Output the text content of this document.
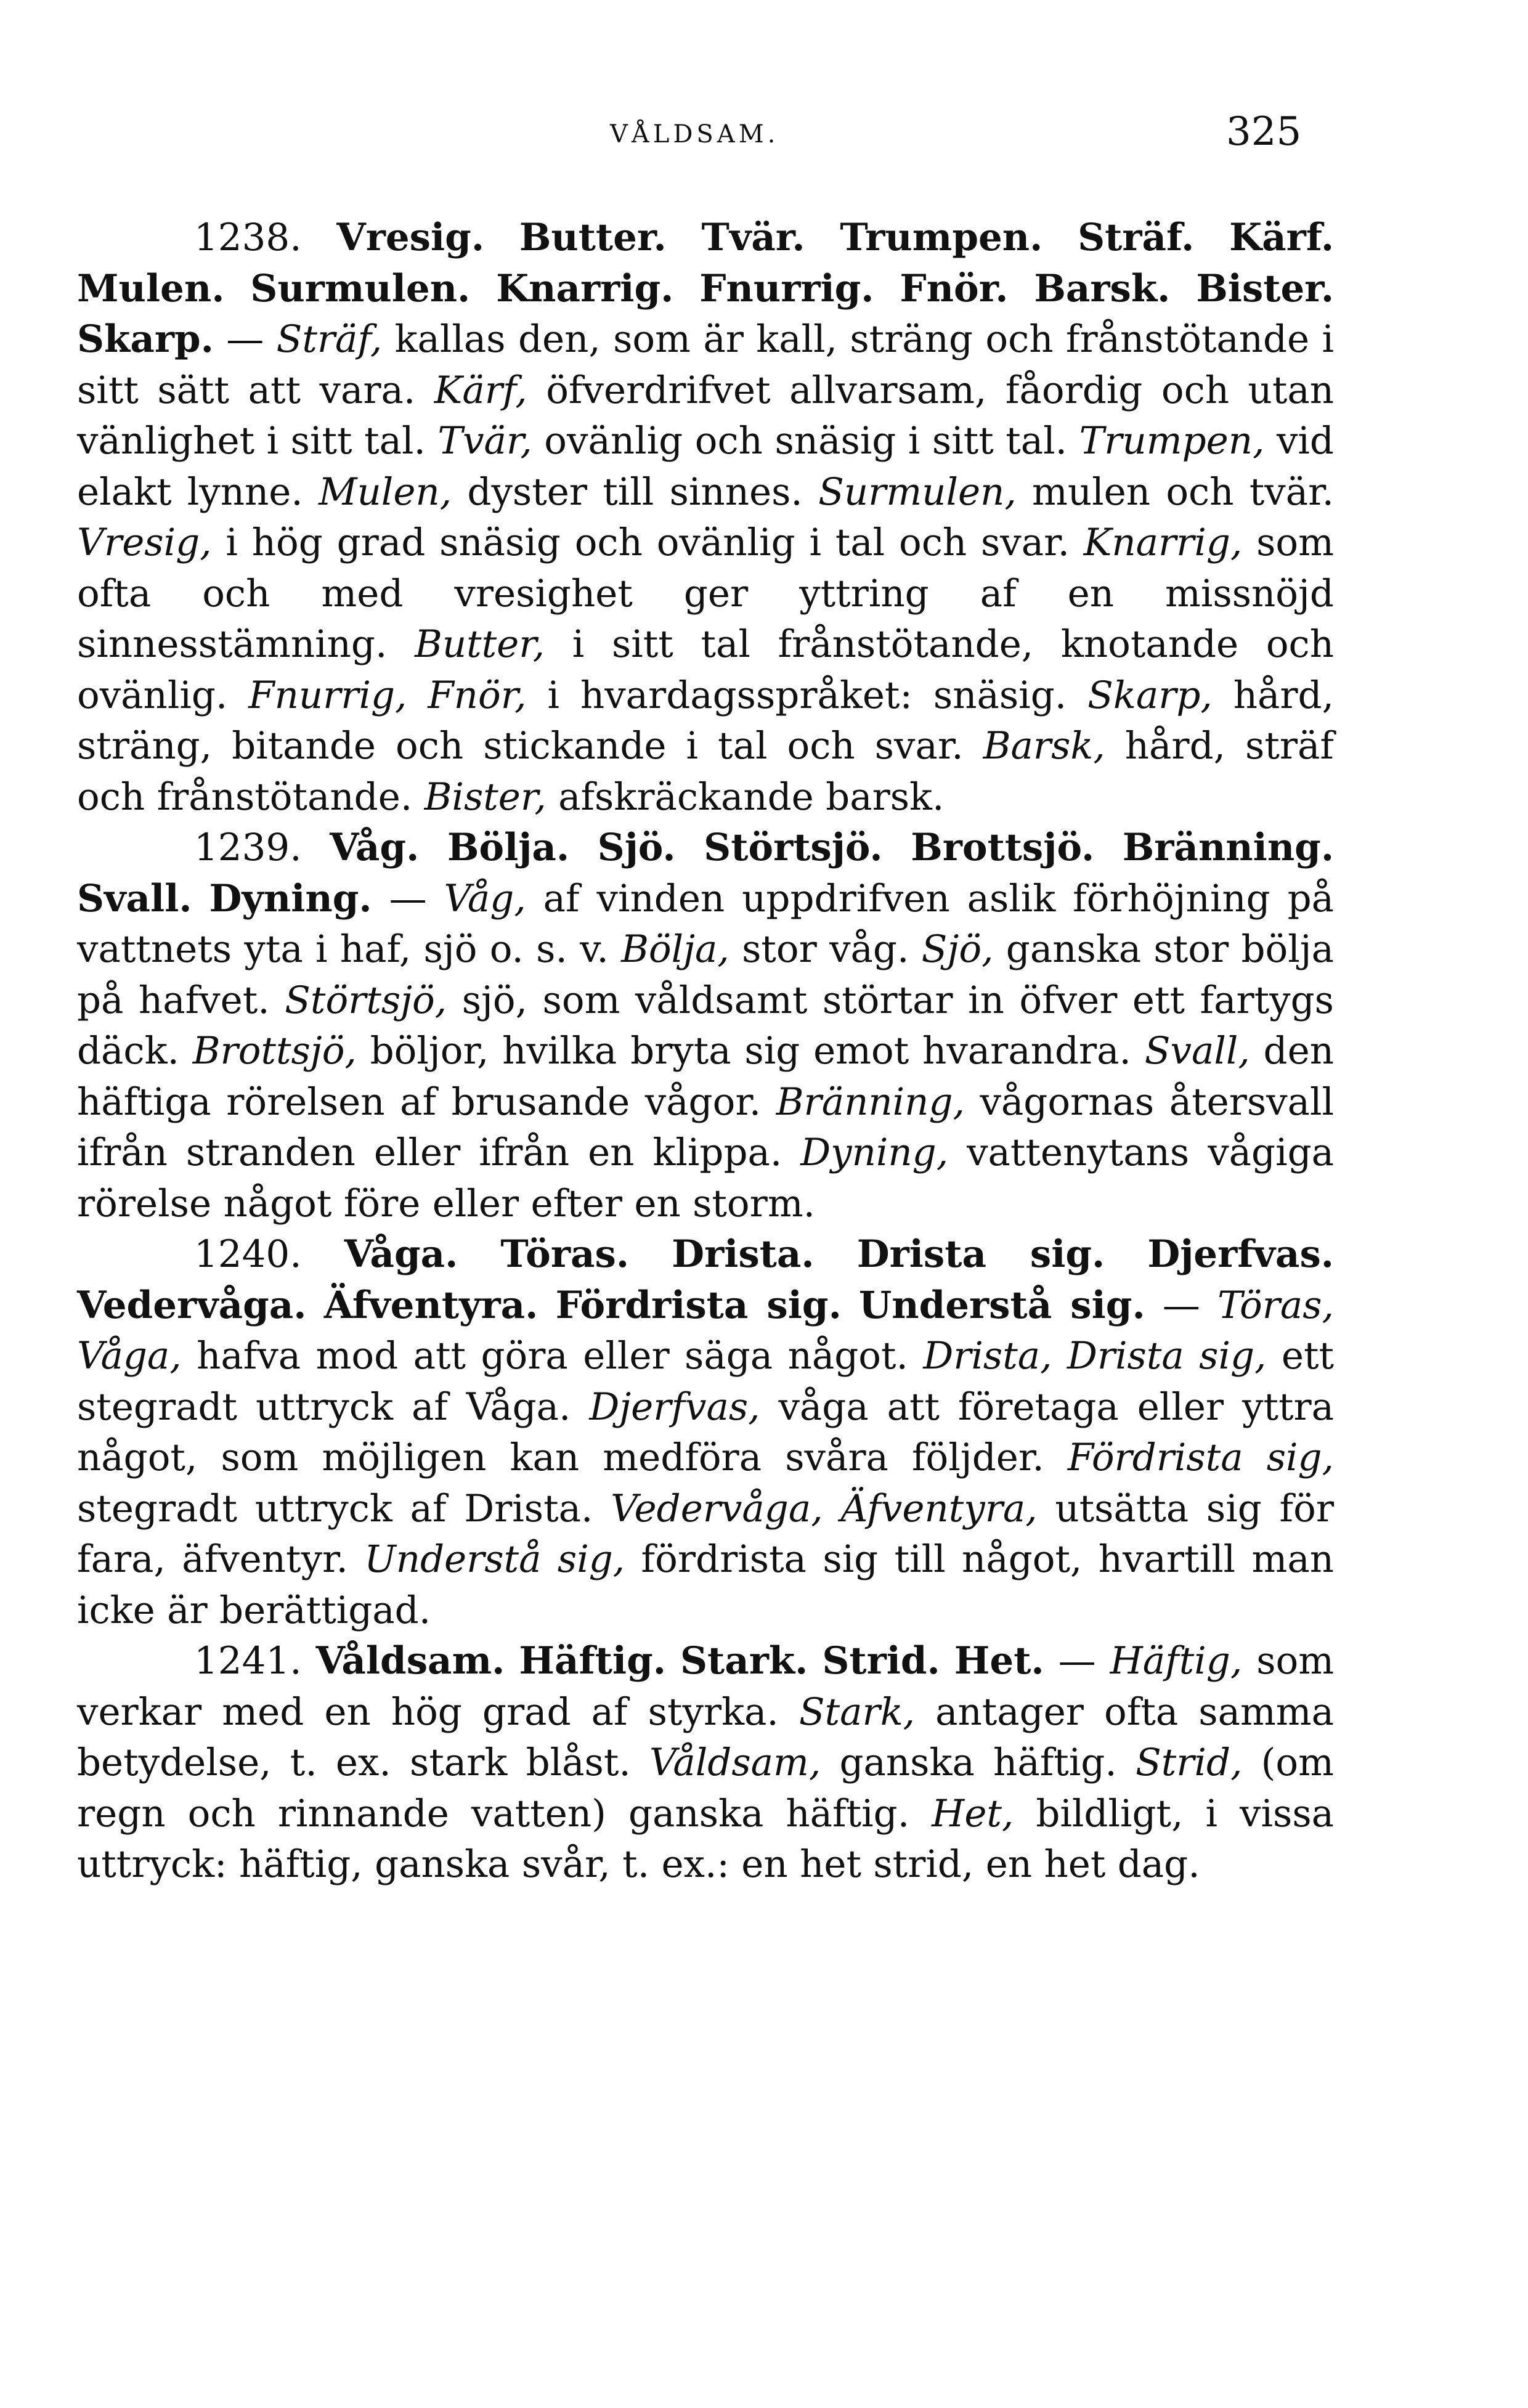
VÅLDSAM.	325

1238. Vresig. Butter. Tvär. Trumpen. Sträf. Kärf. Mulen. Surmulen. Knarrig. Fnurrig. Fnör. Barsk. Bister. Skarp. — Sträf, kallas den, som är kall, sträng och frånstötande i sitt sätt att vara. Kärf, öfverdrifvet allvarsam, fåordig och utan vänlighet i sitt tal. Tvär, ovänlig och snäsig i sitt tal. Trumpen, vid elakt lynne. Mulen, dyster till sinnes. Surmulen, mulen och tvär. Vresig, i hög grad snäsig och ovänlig i tal och svar. Knarrig, som ofta och med vresighet ger yttring af en missnöjd sinnesstämning. Butter, i sitt tal frånstötande, knotande och ovänlig. Fnurrig, Fnör, i hvardagsspråket: snäsig. Skarp, hård, sträng, bitande och stickande i tal och svar. Barsk, hård, sträf och frånstötande. Bister, afskräckande barsk.

1239. Våg. Bölja. Sjö. Störtsjö. Brottsjö. Bränning. Svall. Dyning. — Våg, af vinden uppdrifven aslik förhöjning på vattnets yta i haf, sjö o. s. v. Bölja, stor våg. Sjö, ganska stor bölja på hafvet. Störtsjö, sjö, som våldsamt störtar in öfver ett fartygs däck. Brottsjö, böljor, hvilka bryta sig emot hvarandra. Svall, den häftiga rörelsen af brusande vågor. Bränning, vågornas återsvall ifrån stranden eller ifrån en klippa. Dyning, vattenytans vågiga rörelse något före eller efter en storm.

1240. Våga. Töras. Drista. Drista sig. Djerfvas. Vedervåga. Äfventyra. Fördrista sig. Understå sig. — Töras, Våga, hafva mod att göra eller säga något. Drista, Drista sig, ett stegradt uttryck af Våga. Djerfvas, våga att företaga eller yttra något, som möjligen kan medföra svåra följder. Fördrista sig, stegradt uttryck af Drista. Vedervåga, Äfventyra, utsätta sig för fara, äfventyr. Understå sig, fördrista sig till något, hvartill man icke är berättigad.

1241. Våldsam. Häftig. Stark. Strid. Het. — Häftig, som verkar med en hög grad af styrka. Stark, antager ofta samma betydelse, t. ex. stark blåst. Våldsam, ganska häftig. Strid, (om regn och rinnande vatten) ganska häftig. Het, bildligt, i vissa uttryck: häftig, ganska svår, t. ex.: en het strid, en het dag.
